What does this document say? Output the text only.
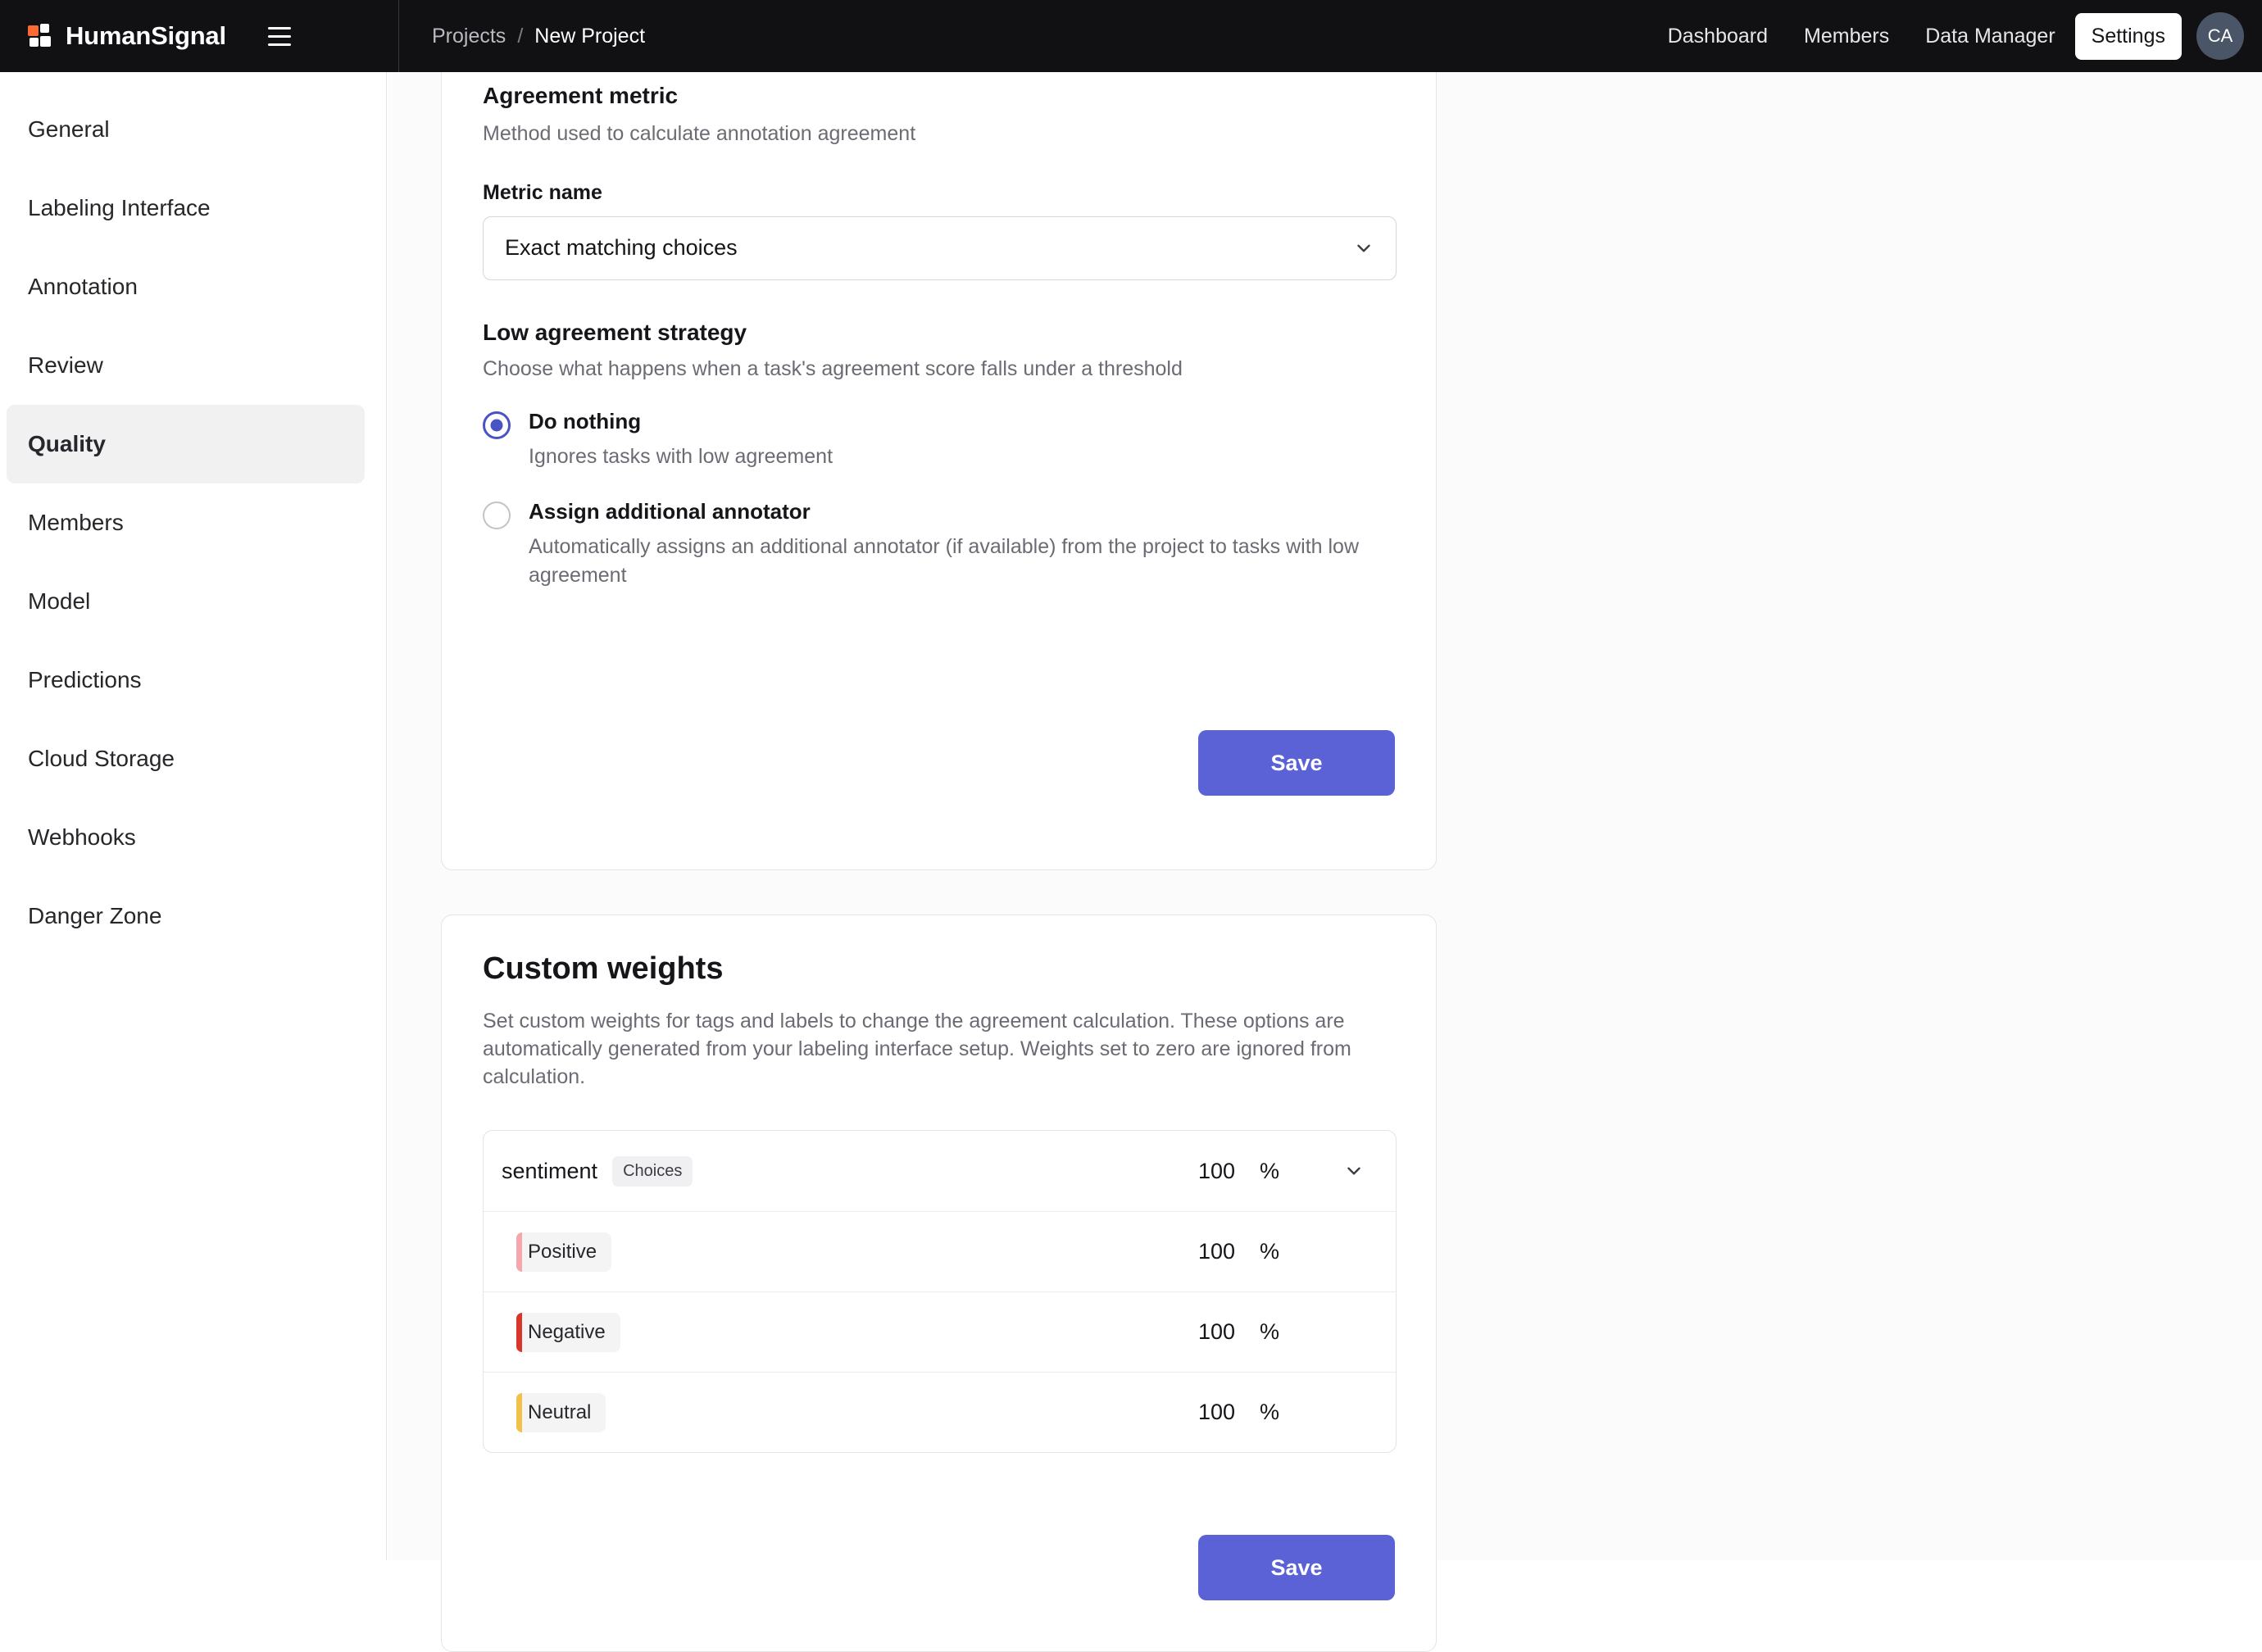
HumanSignal	Projects / New Project	Dashboard	Members	Data Manager	Settings	CA
General
Labeling Interface
Annotation
Review
Quality
Members
Model
Predictions
Cloud Storage
Webhooks
Danger Zone
Agreement metric

Method used to calculate annotation agreement

Metric name
Exact matching choices
Low agreement strategy

Choose what happens when a task's agreement score falls under a threshold

Do nothing
Ignores tasks with low agreement
Assign additional annotator
Automatically assigns an additional annotator (if available) from the project to tasks with low agreement
Save
Custom weights

Set custom weights for tags and labels to change the agreement calculation. These options are automatically generated from your labeling interface setup. Weights set to zero are ignored from calculation.

sentiment	Choices	100 %
Positive	100 %
Negative	100 %
Neutral	100 %
Save
